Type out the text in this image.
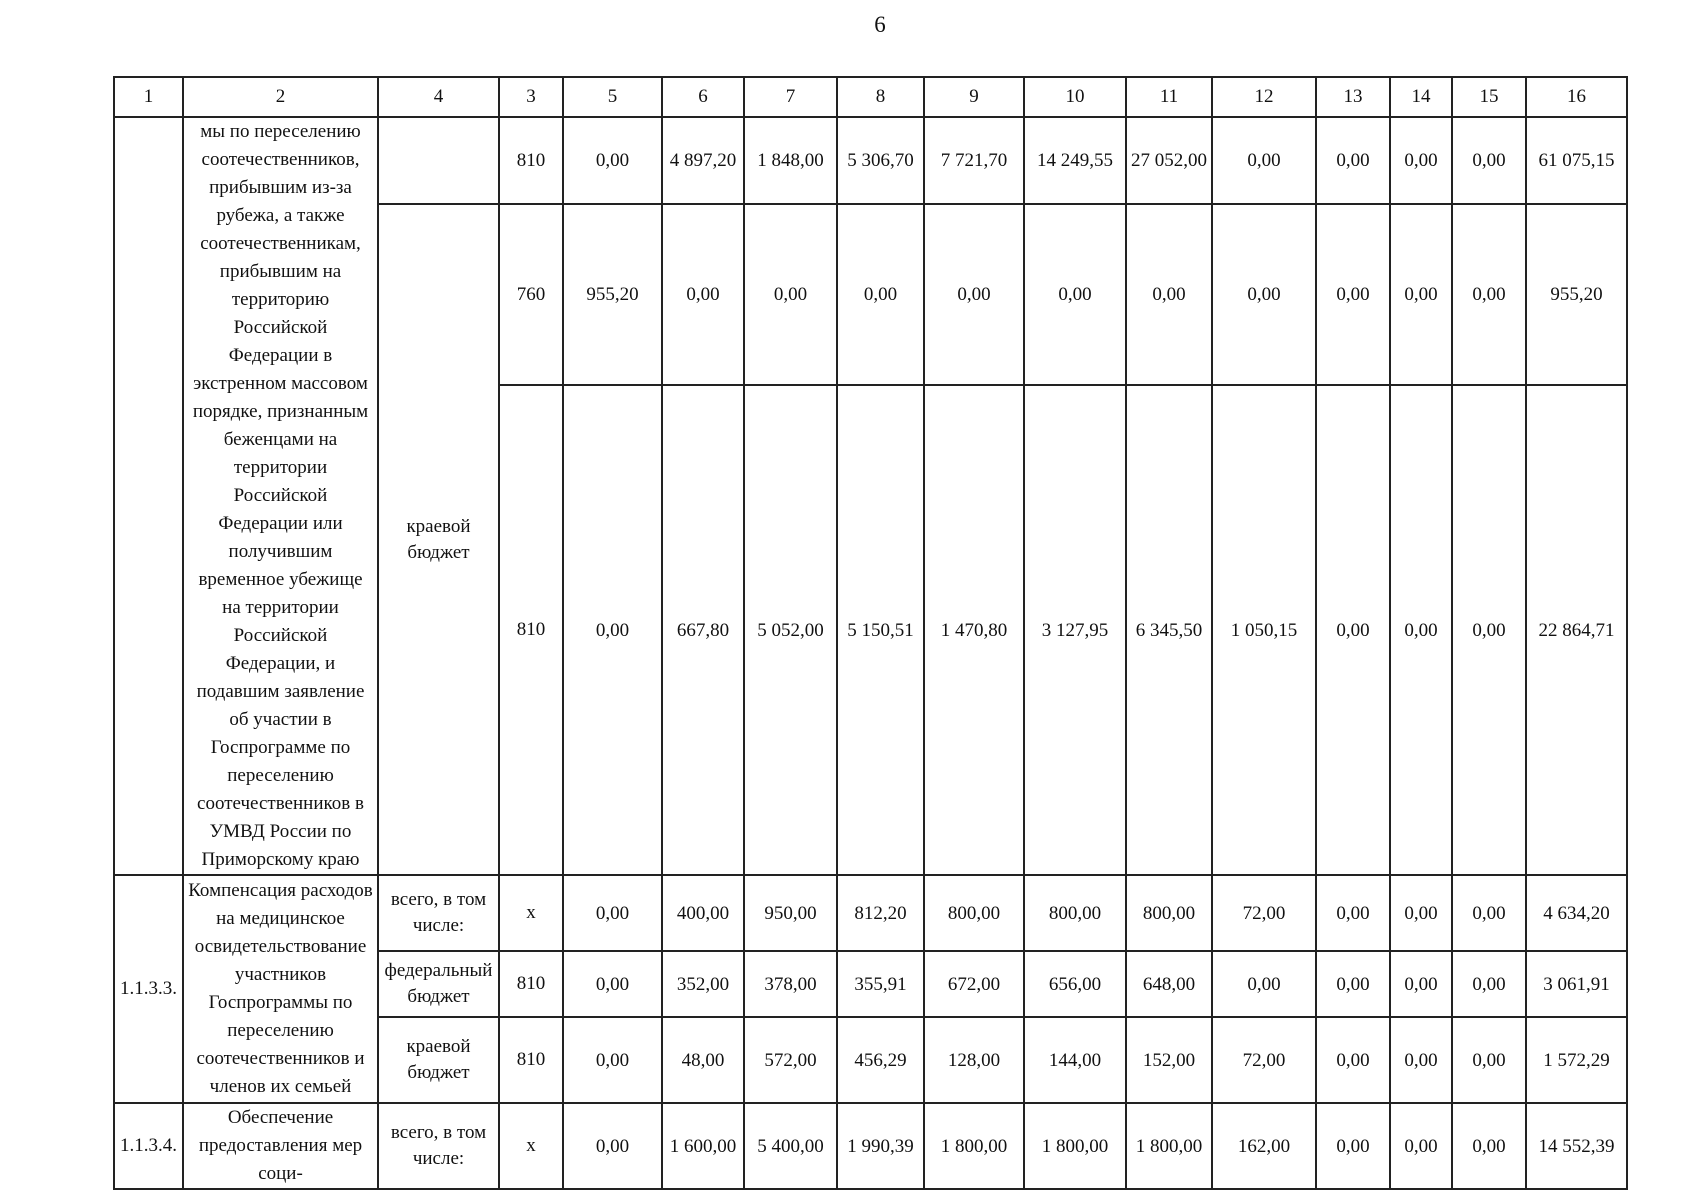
6
1	2	4	3	5	6	7	8	9	10	11	12	13	14	15	16
	мы по переселению соотечественников, прибывшим из-за рубежа, а также соотечественникам, прибывшим на территорию Российской Федерации в экстренном массовом порядке, признанным беженцами на территории Российской Федерации или получившим временное убежище на территории Российской Федерации, и подавшим заявление об участии в Госпрограмме по переселению соотечественников в УМВД России по Приморскому краю		810	0,00	4 897,20	1 848,00	5 306,70	7 721,70	14 249,55	27 052,00	0,00	0,00	0,00	0,00	61 075,15
		краевой бюджет	760	955,20	0,00	0,00	0,00	0,00	0,00	0,00	0,00	0,00	0,00	0,00	955,20
			810	0,00	667,80	5 052,00	5 150,51	1 470,80	3 127,95	6 345,50	1 050,15	0,00	0,00	0,00	22 864,71
1.1.3.3.	Компенсация расходов на медицинское освидетельствование участников Госпрограммы по переселению соотечественников и членов их семьей	всего, в том числе:	х	0,00	400,00	950,00	812,20	800,00	800,00	800,00	72,00	0,00	0,00	0,00	4 634,20
		федеральный бюджет	810	0,00	352,00	378,00	355,91	672,00	656,00	648,00	0,00	0,00	0,00	0,00	3 061,91
		краевой бюджет	810	0,00	48,00	572,00	456,29	128,00	144,00	152,00	72,00	0,00	0,00	0,00	1 572,29
1.1.3.4.	Обеспечение предоставления мер соци-	всего, в том числе:	х	0,00	1 600,00	5 400,00	1 990,39	1 800,00	1 800,00	1 800,00	162,00	0,00	0,00	0,00	14 552,39
